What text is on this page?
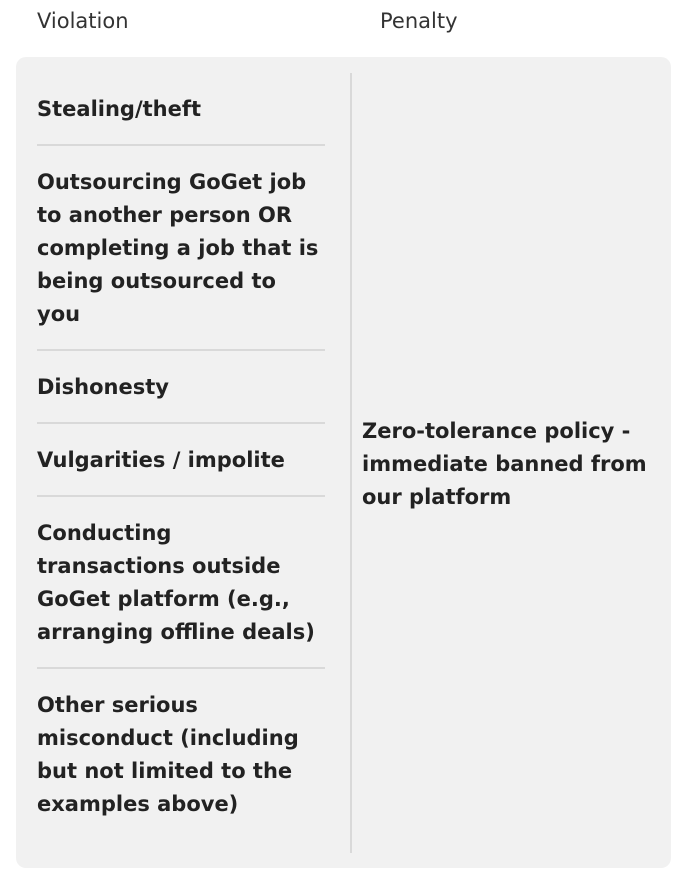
Violation	Penalty
Stealing/theft
Outsourcing GoGet job to another person OR completing a job that is being outsourced to you
Dishonesty
Vulgarities / impolite
Conducting transactions outside GoGet platform (e.g., arranging offline deals)
Other serious misconduct (including but not limited to the examples above)
Zero-tolerance policy - immediate banned from our platform
